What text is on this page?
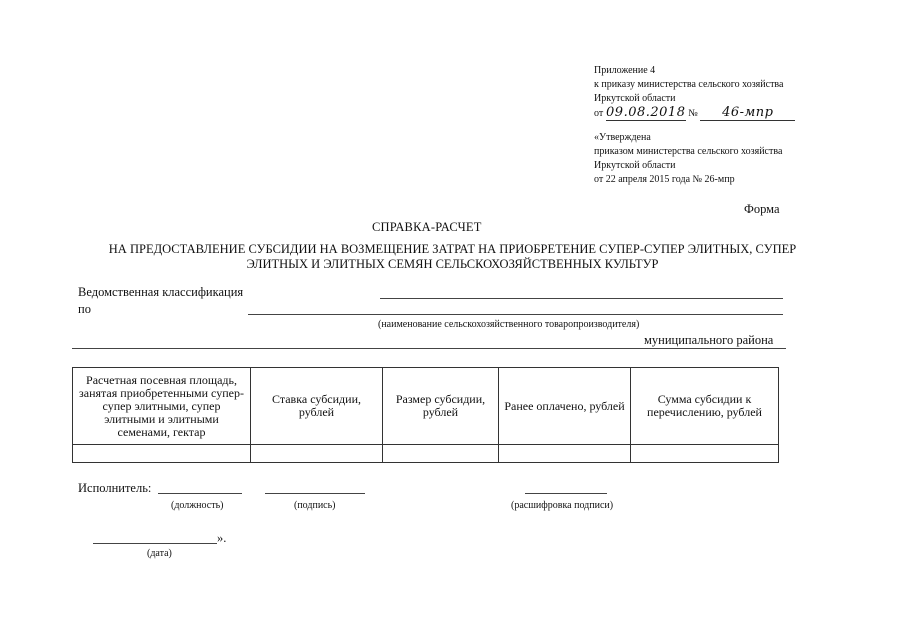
Приложение 4
к приказу министерства сельского хозяйства
Иркутской области
от 09.08.2018 № 46-мпр
«Утверждена
приказом министерства сельского хозяйства
Иркутской области
от 22 апреля 2015 года № 26-мпр
Форма
СПРАВКА-РАСЧЕТ
НА ПРЕДОСТАВЛЕНИЕ СУБСИДИИ НА ВОЗМЕЩЕНИЕ ЗАТРАТ НА ПРИОБРЕТЕНИЕ СУПЕР-СУПЕР ЭЛИТНЫХ, СУПЕР
ЭЛИТНЫХ И ЭЛИТНЫХ СЕМЯН СЕЛЬСКОХОЗЯЙСТВЕННЫХ КУЛЬТУР
Ведомственная классификация
по
(наименование сельскохозяйственного товаропроизводителя)
муниципального района
Расчетная посевная площадь, занятая приобретенными супер-супер элитными, супер элитными и элитными семенами, гектар	Ставка субсидии, рублей	Размер субсидии, рублей	Ранее оплачено, рублей	Сумма субсидии к перечислению, рублей

Исполнитель:
(должность)	(подпись)	(расшифровка подписи)
».
(дата)
